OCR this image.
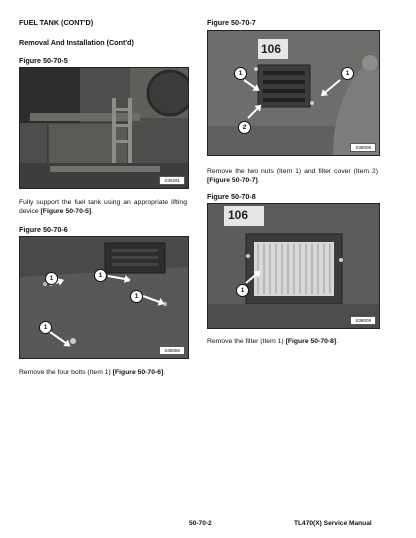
FUEL TANK (CONT'D)
Removal And Installation (Cont'd)
Figure 50-70-5
S36291
Fully support the fuel tank using an appropriate lifting device [Figure 50-70-5].
Figure 50-70-6
1	1
1
1
S38086
Remove the four bolts (Item 1) [Figure 50-70-6].
Figure 50-70-7
106
1	1
2
S38008
Remove the two nuts (Item 1) and filter cover (Item 2) [Figure 50-70-7].
Figure 50-70-8
106
1
S38009
Remove the filter (Item 1) [Figure 50-70-8].
50-70-2	TL470(X) Service Manual
